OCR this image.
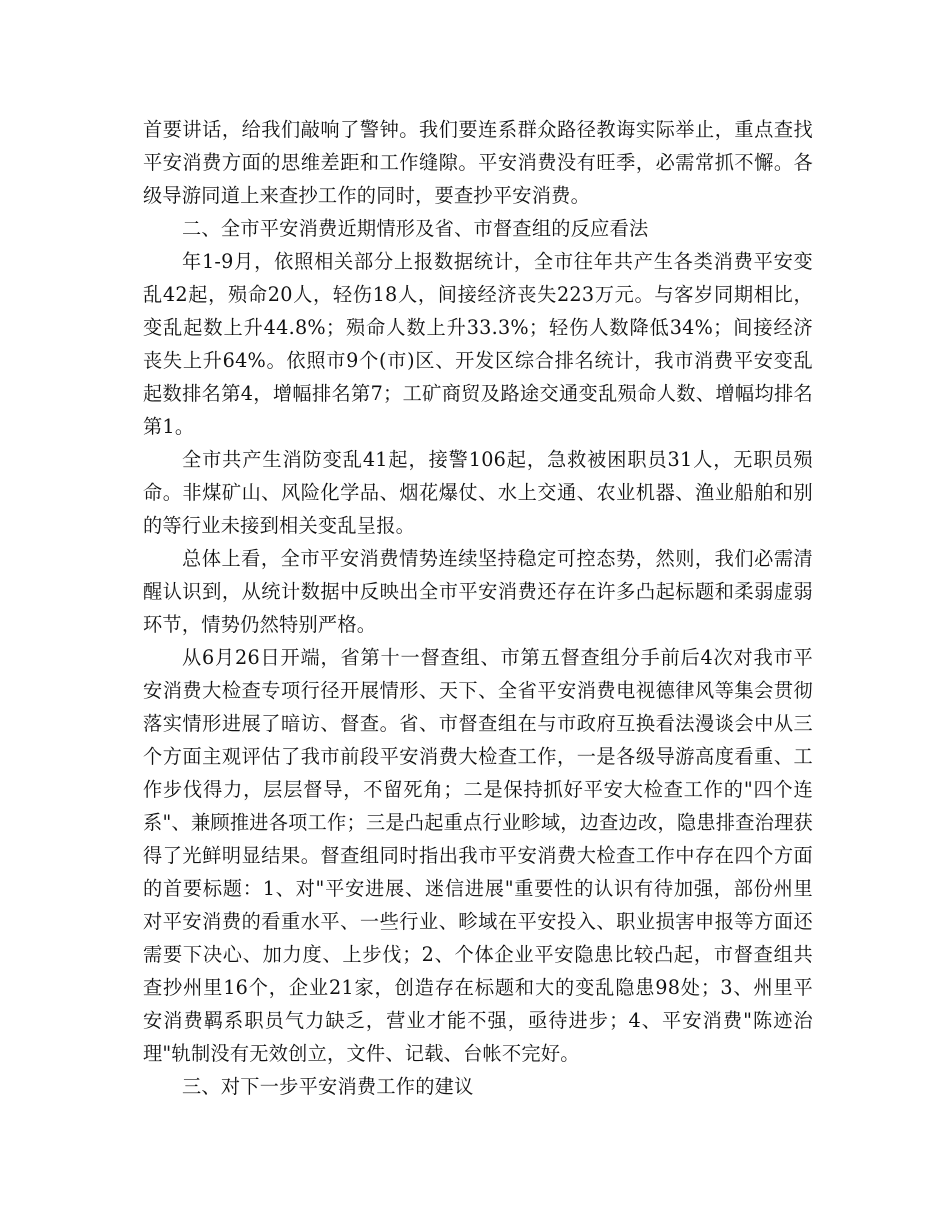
首要讲话，给我们敲响了警钟。我们要连系群众路径教诲实际举止，重点查找平安消费方面的思维差距和工作缝隙。平安消费没有旺季，必需常抓不懈。各级导游同道上来查抄工作的同时，要查抄平安消费。

二、全市平安消费近期情形及省、市督查组的反应看法

年1-9月，依照相关部分上报数据统计，全市往年共产生各类消费平安变乱42起，殒命20人，轻伤18人，间接经济丧失223万元。与客岁同期相比，变乱起数上升44.8%；殒命人数上升33.3%；轻伤人数降低34%；间接经济丧失上升64%。依照市9个(市)区、开发区综合排名统计，我市消费平安变乱起数排名第4，增幅排名第7；工矿商贸及路途交通变乱殒命人数、增幅均排名第1。

全市共产生消防变乱41起，接警106起，急救被困职员31人，无职员殒命。非煤矿山、风险化学品、烟花爆仗、水上交通、农业机器、渔业船舶和别的等行业未接到相关变乱呈报。

总体上看，全市平安消费情势连续坚持稳定可控态势，然则，我们必需清醒认识到，从统计数据中反映出全市平安消费还存在许多凸起标题和柔弱虚弱环节，情势仍然特别严格。

从6月26日开端，省第十一督查组、市第五督查组分手前后4次对我市平安消费大检查专项行径开展情形、天下、全省平安消费电视德律风等集会贯彻落实情形进展了暗访、督查。省、市督查组在与市政府互换看法漫谈会中从三个方面主观评估了我市前段平安消费大检查工作，一是各级导游高度看重、工作步伐得力，层层督导，不留死角；二是保持抓好平安大检查工作的"四个连系"、兼顾推进各项工作；三是凸起重点行业畛域，边查边改，隐患排查治理获得了光鲜明显结果。督查组同时指出我市平安消费大检查工作中存在四个方面的首要标题：1、对"平安进展、迷信进展"重要性的认识有待加强，部份州里对平安消费的看重水平、一些行业、畛域在平安投入、职业损害申报等方面还需要下决心、加力度、上步伐；2、个体企业平安隐患比较凸起，市督查组共查抄州里16个，企业21家，创造存在标题和大的变乱隐患98处；3、州里平安消费羁系职员气力缺乏，营业才能不强，亟待进步；4、平安消费"陈迹治理"轨制没有无效创立，文件、记载、台帐不完好。

三、对下一步平安消费工作的建议
